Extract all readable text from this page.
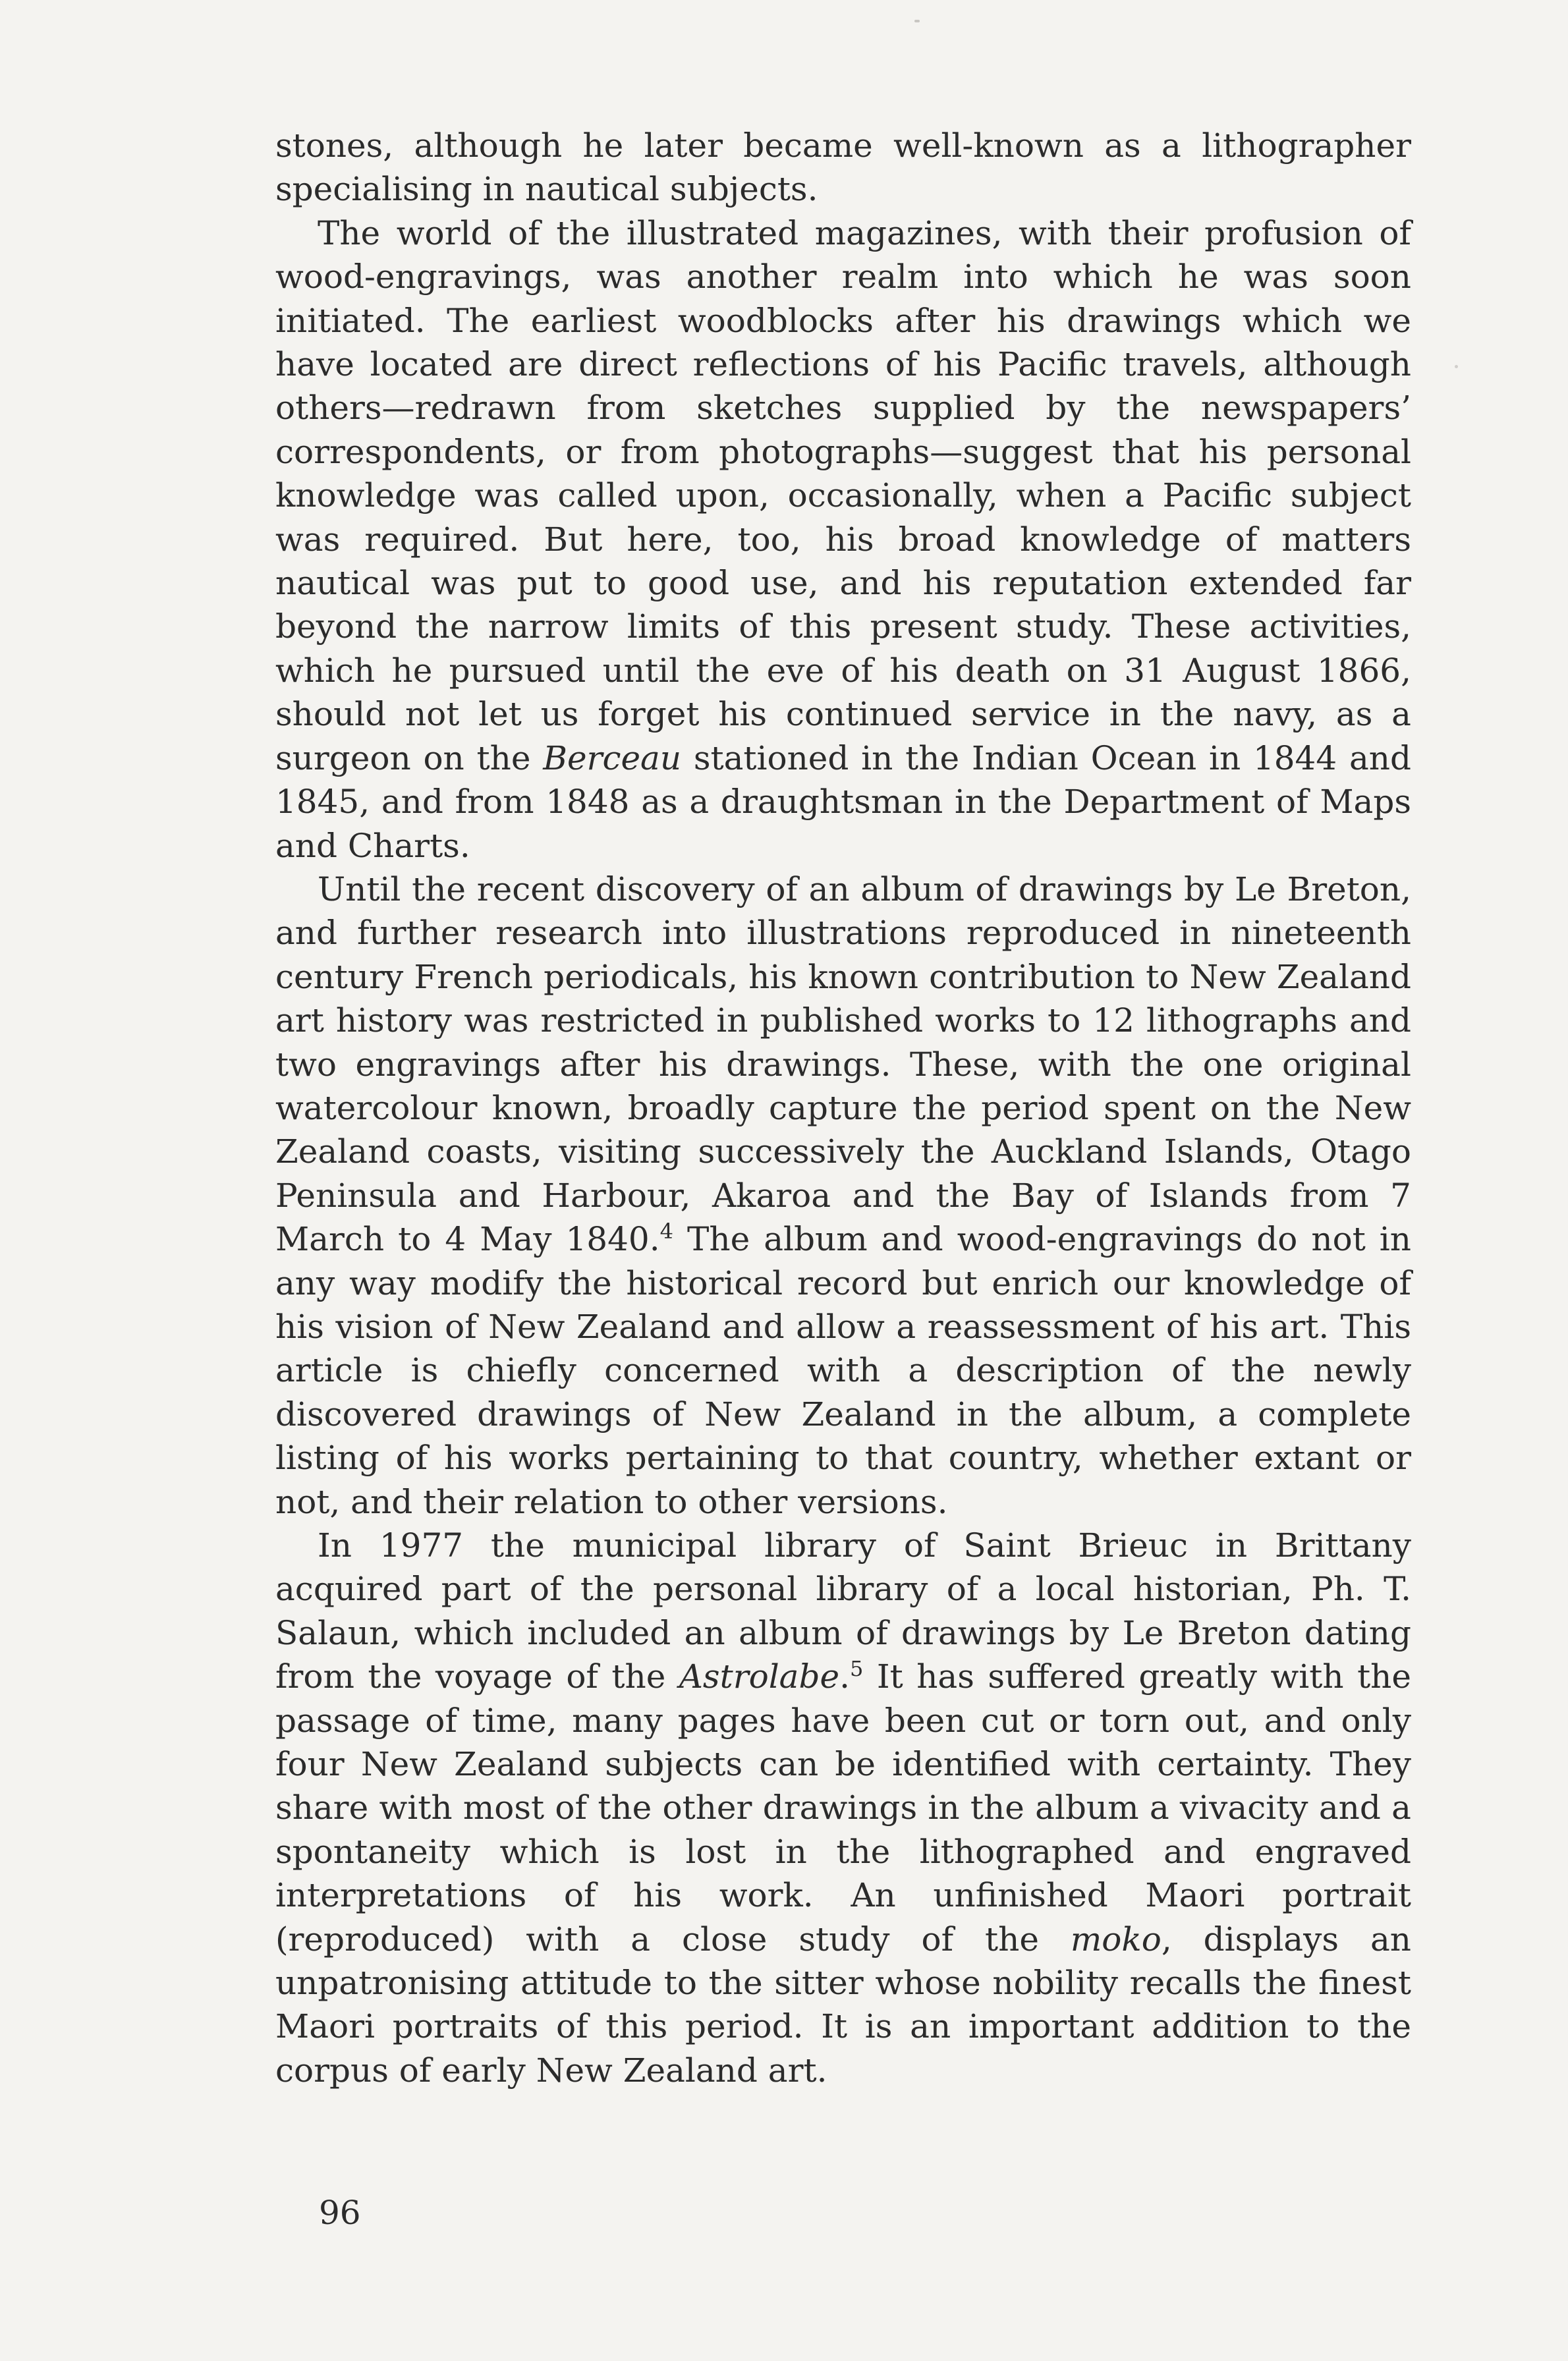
stones, although he later became well-known as a lithographer specialising in nautical subjects.

The world of the illustrated magazines, with their profusion of wood-engravings, was another realm into which he was soon initiated. The earliest woodblocks after his drawings which we have located are direct reflections of his Pacific travels, although others—redrawn from sketches supplied by the newspapers’ correspondents, or from photographs—suggest that his personal knowledge was called upon, occasionally, when a Pacific subject was required. But here, too, his broad knowledge of matters nautical was put to good use, and his reputation extended far beyond the narrow limits of this present study. These activities, which he pursued until the eve of his death on 31 August 1866, should not let us forget his continued service in the navy, as a surgeon on the Berceau stationed in the Indian Ocean in 1844 and 1845, and from 1848 as a draughtsman in the Department of Maps and Charts.

Until the recent discovery of an album of drawings by Le Breton, and further research into illustrations reproduced in nineteenth century French periodicals, his known contribution to New Zealand art history was restricted in published works to 12 lithographs and two engravings after his drawings. These, with the one original watercolour known, broadly capture the period spent on the New Zealand coasts, visiting successively the Auckland Islands, Otago Peninsula and Harbour, Akaroa and the Bay of Islands from 7 March to 4 May 1840.$^4$ The album and wood-engravings do not in any way modify the historical record but enrich our knowledge of his vision of New Zealand and allow a reassessment of his art. This article is chiefly concerned with a description of the newly discovered drawings of New Zealand in the album, a complete listing of his works pertaining to that country, whether extant or not, and their relation to other versions.

In 1977 the municipal library of Saint Brieuc in Brittany acquired part of the personal library of a local historian, Ph. T. Salaun, which included an album of drawings by Le Breton dating from the voyage of the Astrolabe.$^5$ It has suffered greatly with the passage of time, many pages have been cut or torn out, and only four New Zealand subjects can be identified with certainty. They share with most of the other drawings in the album a vivacity and a spontaneity which is lost in the lithographed and engraved interpretations of his work. An unfinished Maori portrait (reproduced) with a close study of the moko, displays an unpatronising attitude to the sitter whose nobility recalls the finest Maori portraits of this period. It is an important addition to the corpus of early New Zealand art.

96
